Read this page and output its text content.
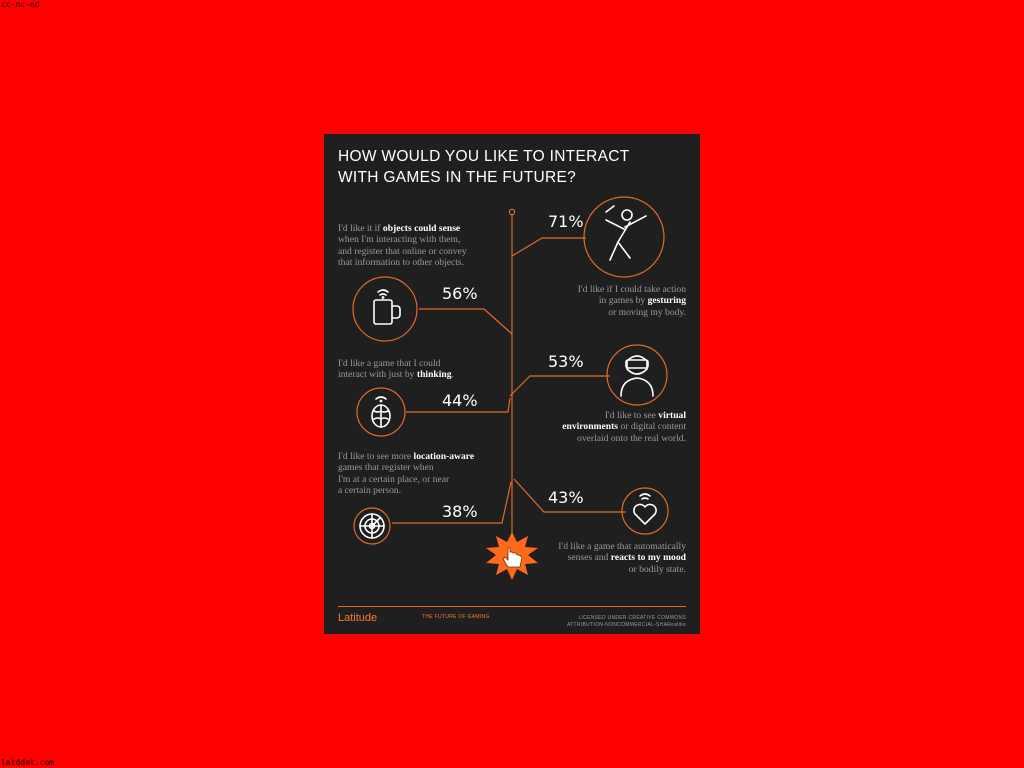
cc-nc-nd
latddot.com
HOW WOULD YOU LIKE TO INTERACT
WITH GAMES IN THE FUTURE?
I'd like it if objects could sense
when I'm interacting with them,
and register that online or convey
that information to other objects.
56%	I'd like if I could take action
in games by gesturing
or moving my body.
71%
I'd like a game that I could
interact with just by thinking.
44%
I'd like to see virtual
environments or digital content
overlaid onto the real world.
53%
I'd like to see more location-aware
games that register when
I'm at a certain place, or near
a certain person.
38%
I'd like a game that automatically
senses and reacts to my mood
or bodily state.
43%
Latitude	THE FUTURE OF GAMING	LICENSED UNDER CREATIVE COMMONS
ATTRIBUTION-NONCOMMERCIAL-SHARealike
